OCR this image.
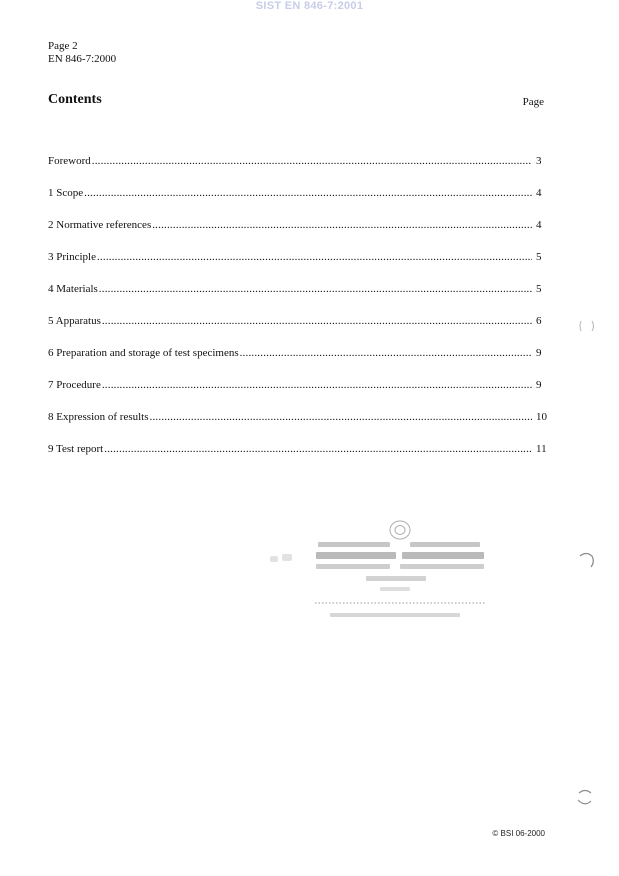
SIST EN 846-7:2001
Page 2
EN 846-7:2000
Contents	Page
Foreword .....	3
1 Scope .....	4
2 Normative references .....	4
3 Principle .....	5
4 Materials .....	5
5 Apparatus .....	6
6 Preparation and storage of test specimens .....	9
7 Procedure .....	9
8 Expression of results .....	10
9 Test report .....	11
© BSI 06-2000
